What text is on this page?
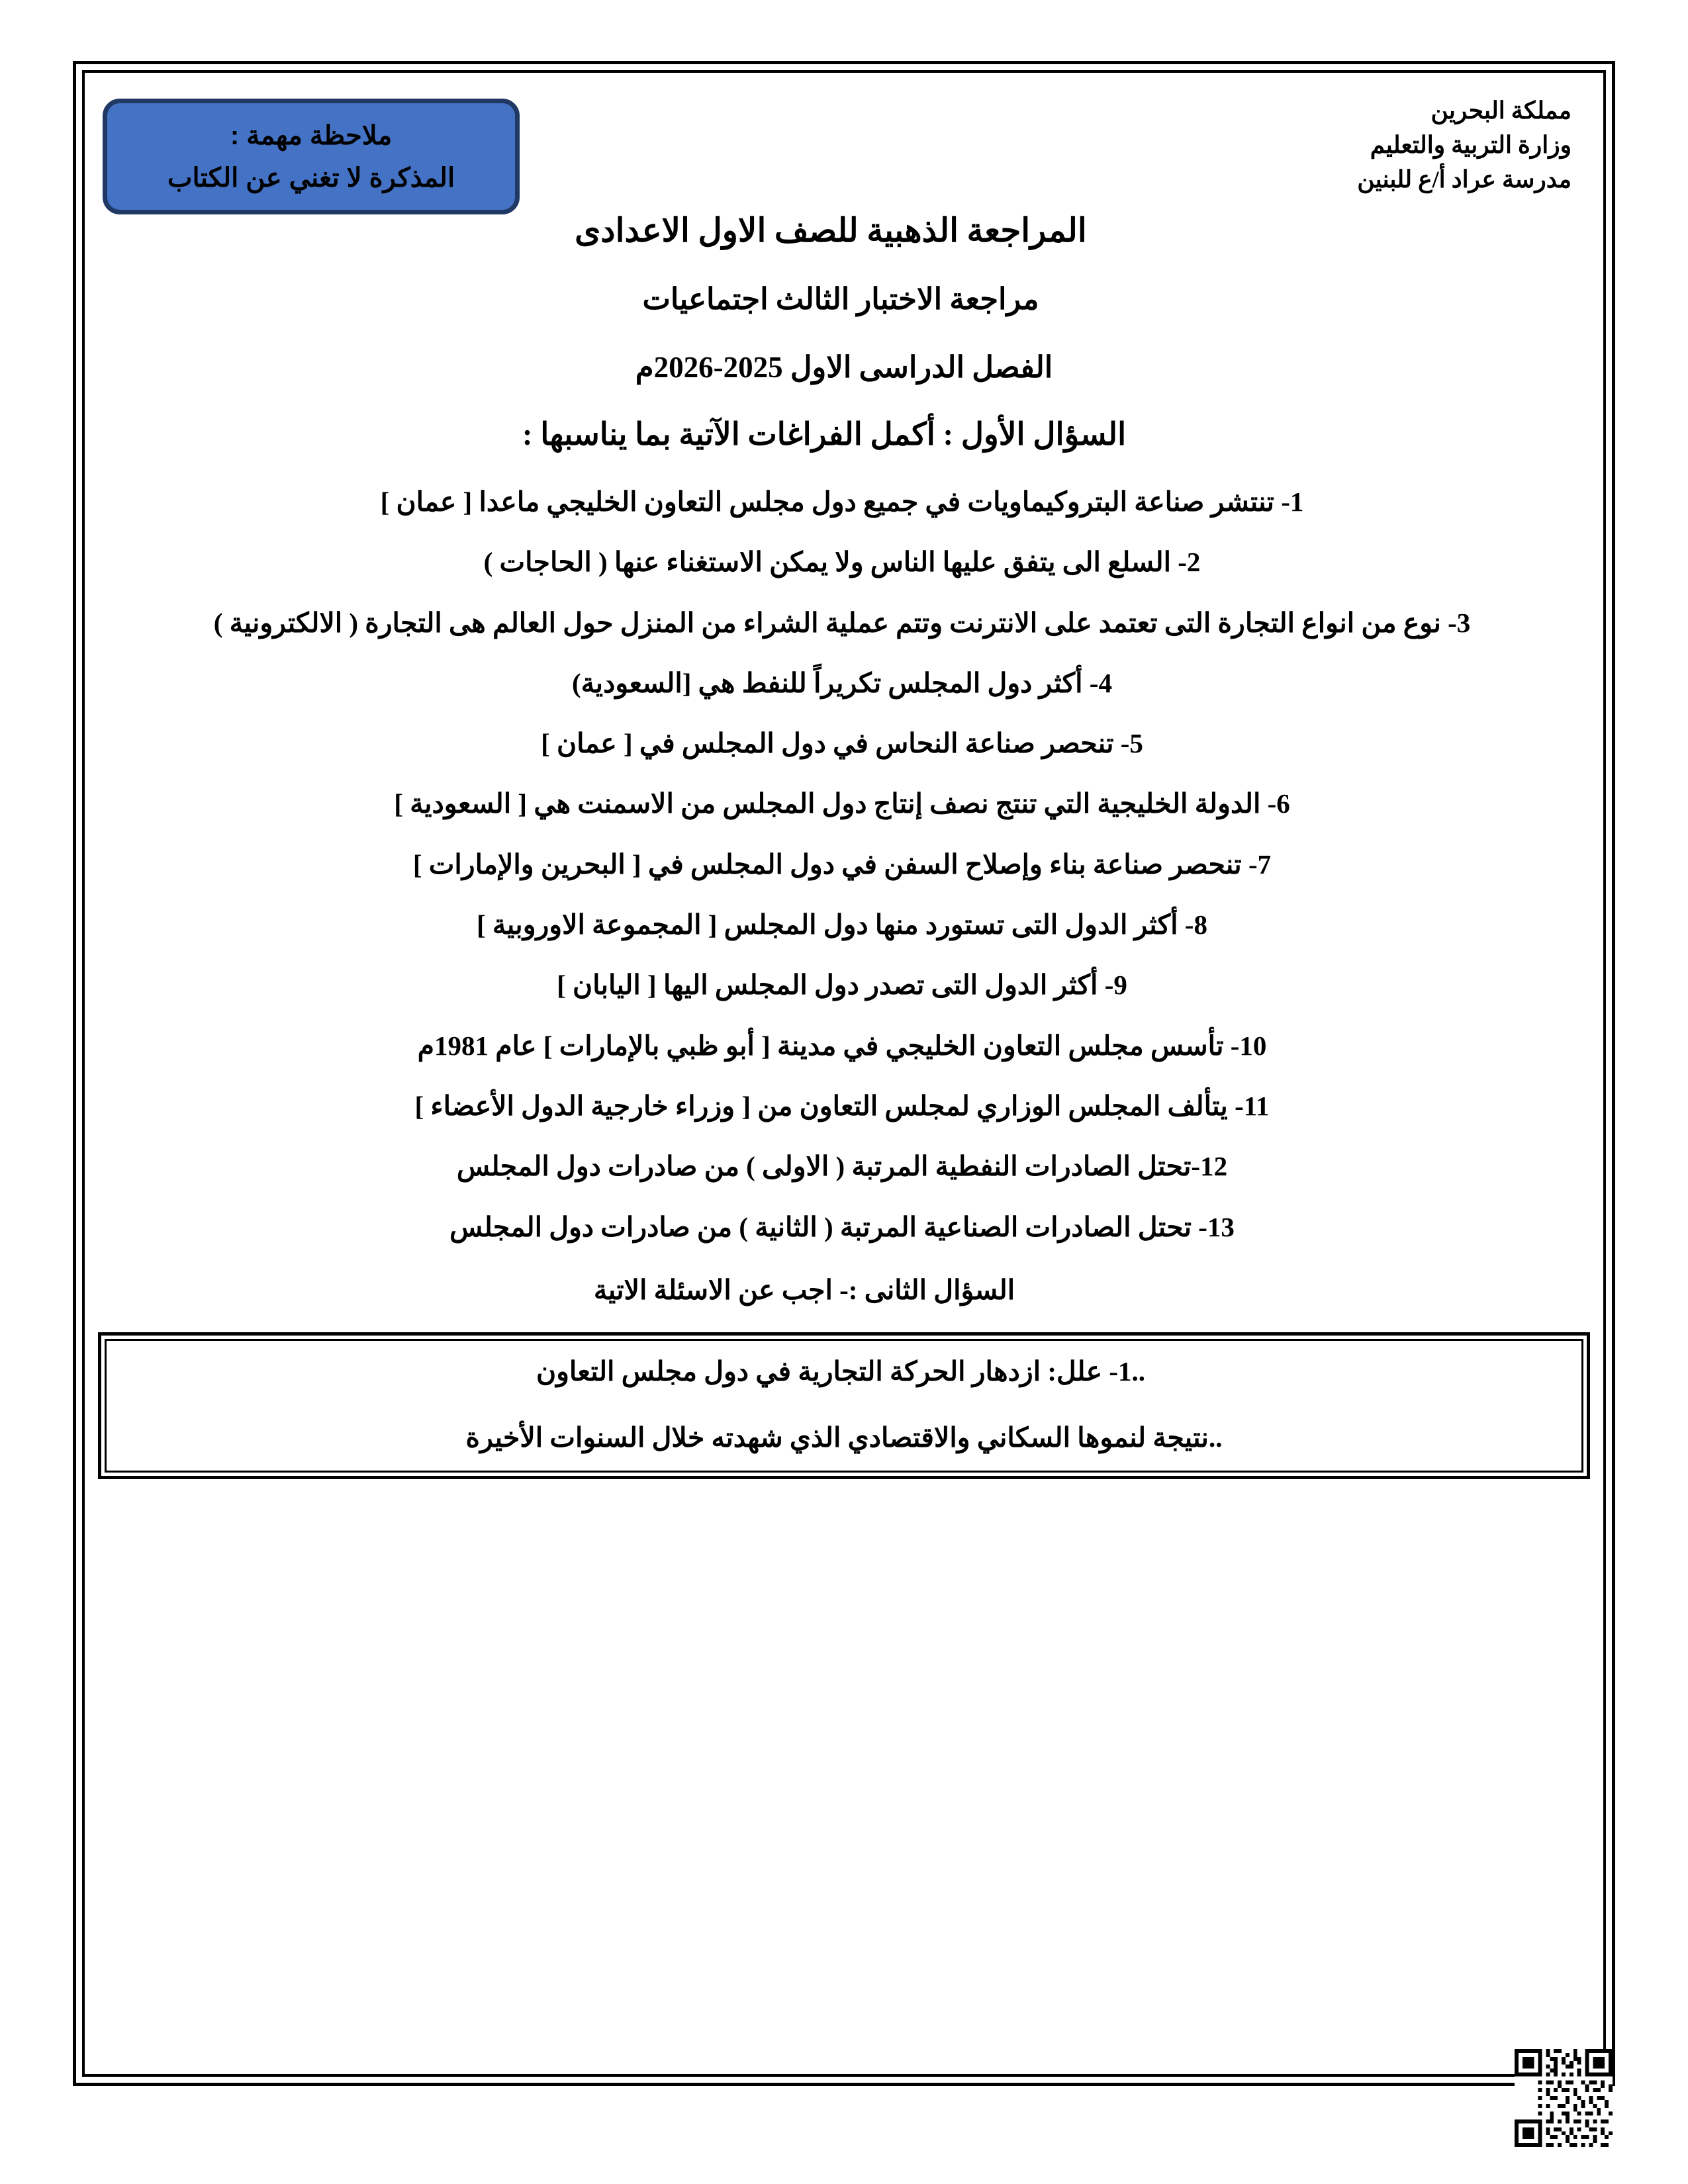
مملكة البحرين
وزارة التربية والتعليم
مدرسة عراد أ/ع للبنين
ملاحظة مهمة :
المذكرة لا تغني عن الكتاب
المراجعة الذهبية للصف الاول الاعدادى
مراجعة الاختبار الثالث اجتماعيات
الفصل الدراسى الاول 2025-2026م
السؤال الأول : أكمل الفراغات الآتية بما يناسبها :
1- تنتشر صناعة البتروكيماويات في جميع دول مجلس التعاون الخليجي ماعدا [ عمان ]
2- السلع الى يتفق عليها الناس ولا يمكن الاستغناء عنها ( الحاجات )
3- نوع من انواع التجارة التى تعتمد على الانترنت وتتم عملية الشراء من المنزل حول العالم هى التجارة ( الالكترونية )
4- أكثر دول المجلس تكريراً للنفط هي [السعودية)
5- تنحصر صناعة النحاس في دول المجلس في [ عمان ]
6- الدولة الخليجية التي تنتج نصف إنتاج دول المجلس من الاسمنت هي [ السعودية ]
7- تنحصر صناعة بناء وإصلاح السفن في دول المجلس في [ البحرين والإمارات ]
8- أكثر الدول التى تستورد منها دول المجلس [ المجموعة الاوروبية ]
9- أكثر الدول التى تصدر دول المجلس اليها [ اليابان ]
10- تأسس مجلس التعاون الخليجي في مدينة [ أبو ظبي بالإمارات ] عام 1981م
11- يتألف المجلس الوزاري لمجلس التعاون من [ وزراء خارجية الدول الأعضاء ]
12-تحتل الصادرات النفطية المرتبة ( الاولى ) من صادرات دول المجلس
13- تحتل الصادرات الصناعية المرتبة ( الثانية ) من صادرات دول المجلس
السؤال الثانى :- اجب عن الاسئلة الاتية
..1- علل: ازدهار الحركة التجارية في دول مجلس التعاون
..نتيجة لنموها السكاني والاقتصادي الذي شهدته خلال السنوات الأخيرة
